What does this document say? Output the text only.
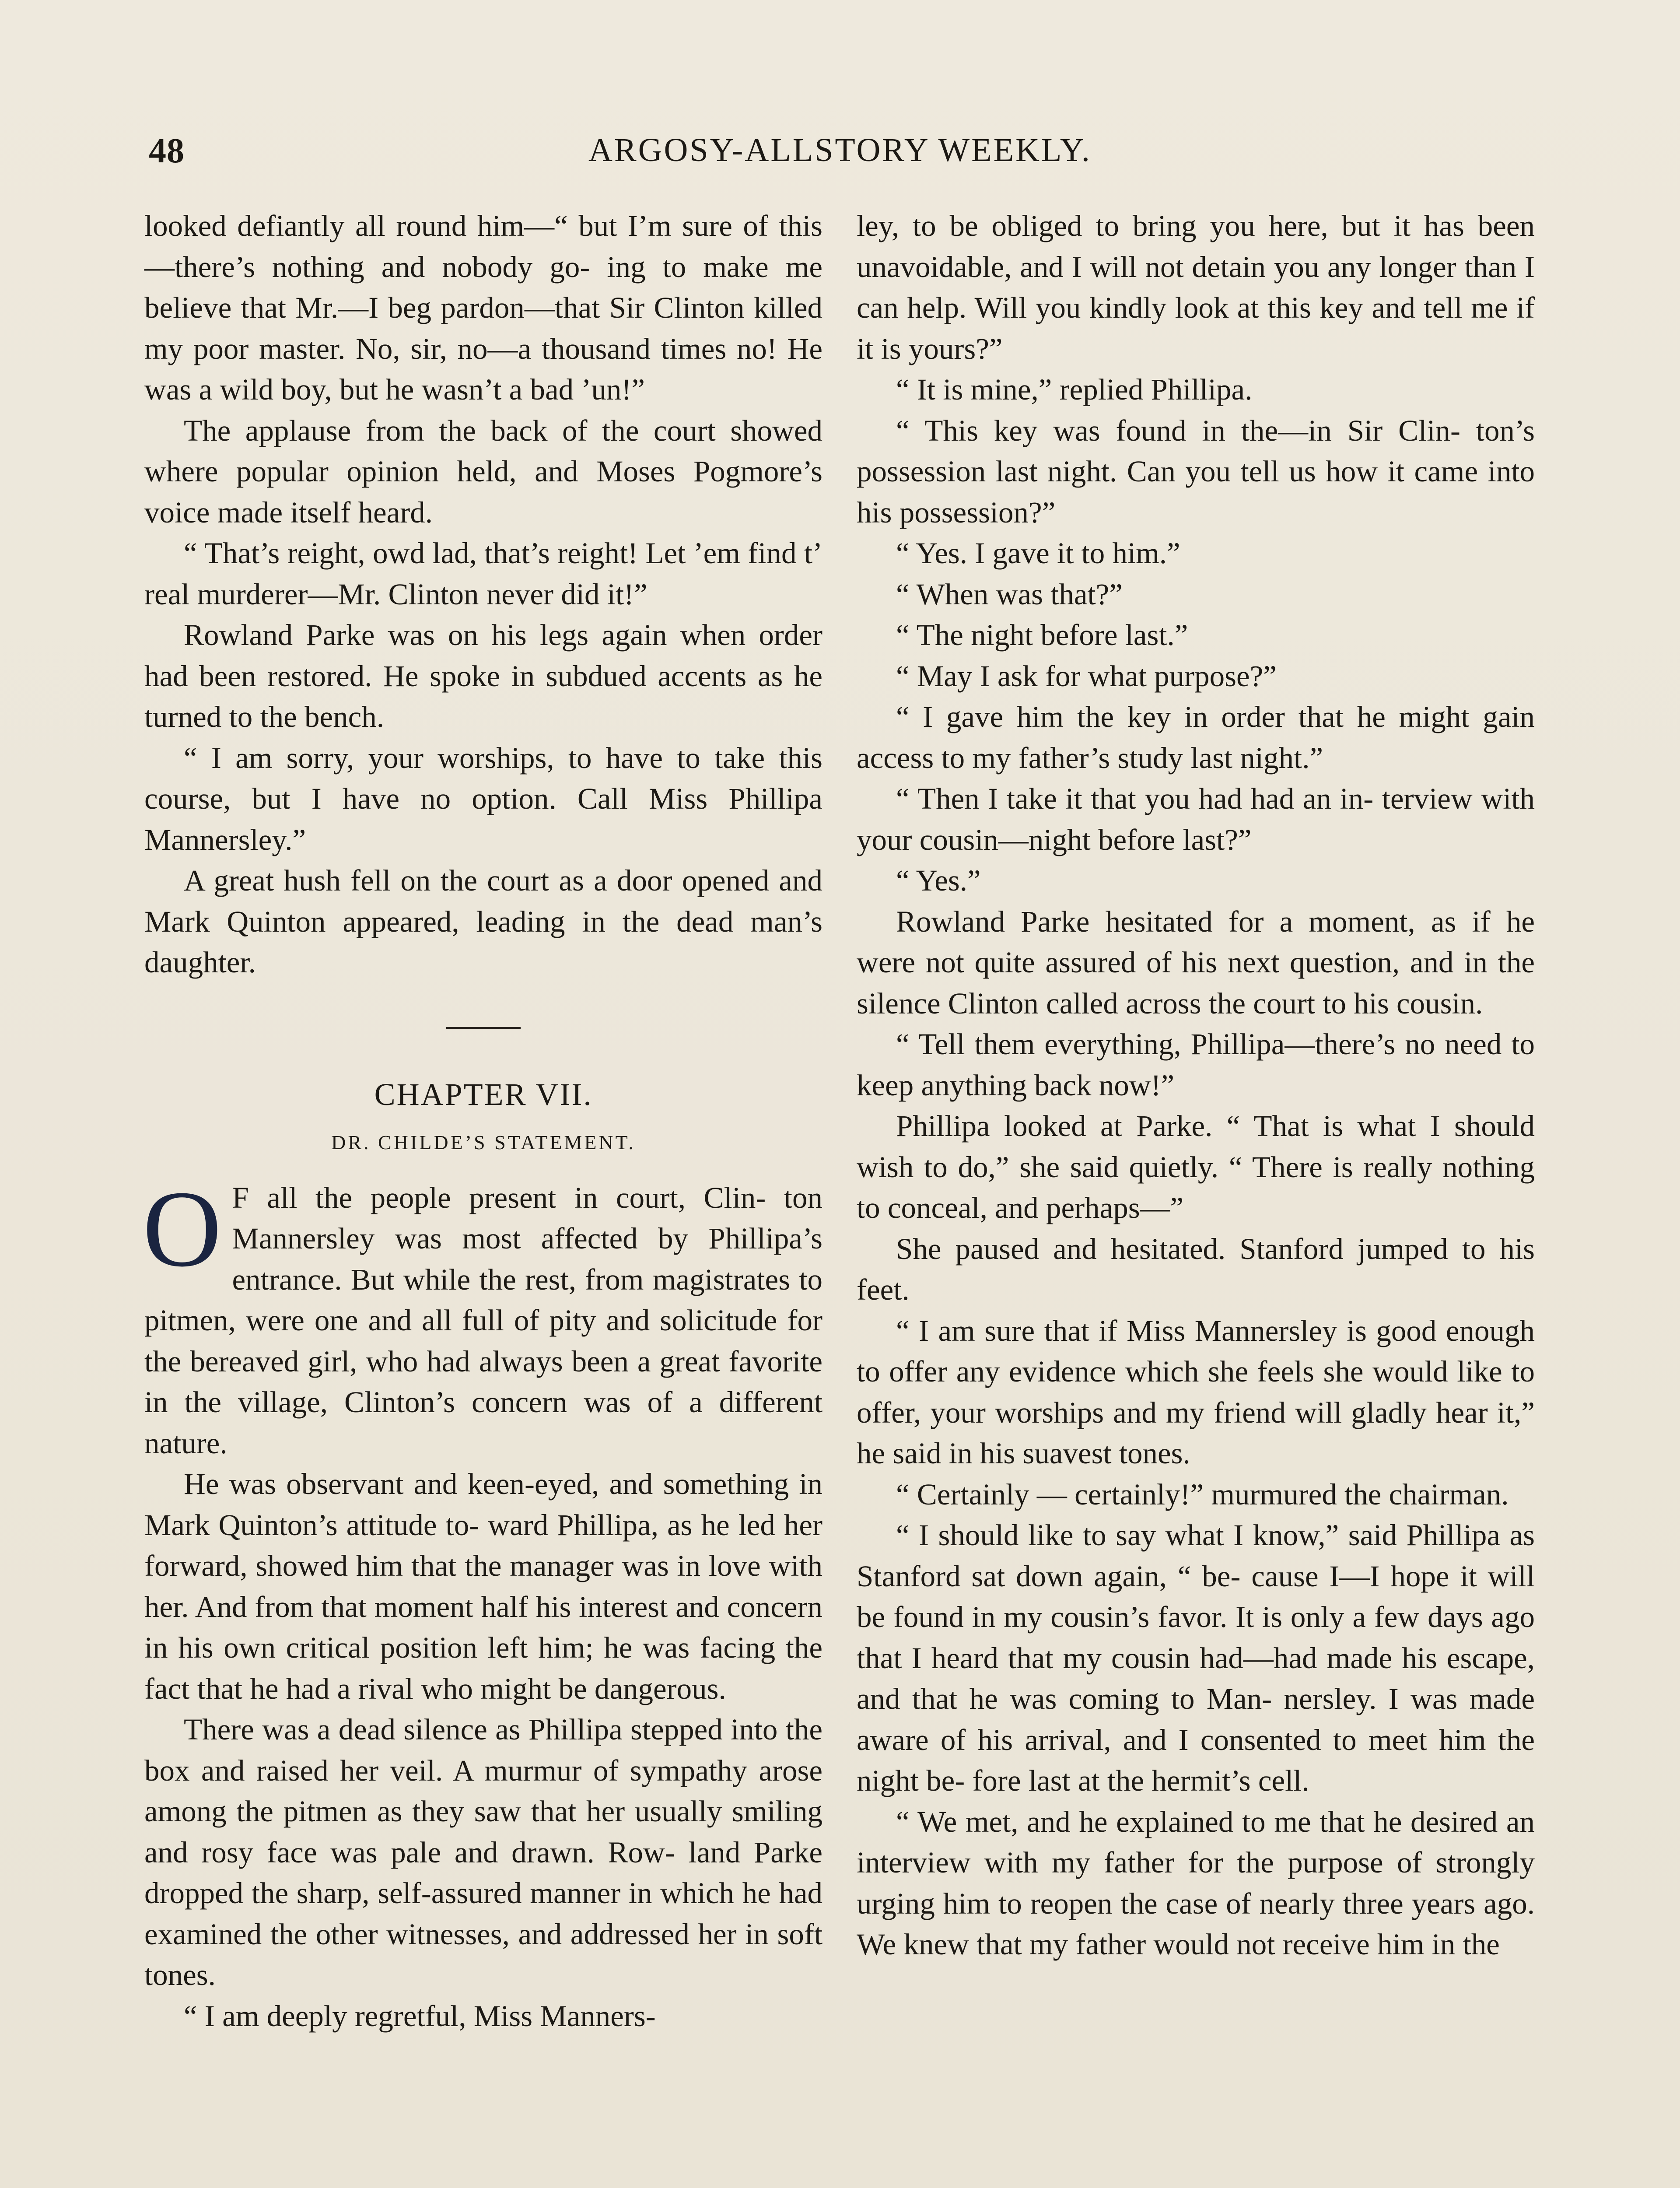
48	ARGOSY-ALLSTORY WEEKLY.

looked defiantly all round him—“ but I’m sure of this—there’s nothing and nobody go- ing to make me believe that Mr.—I beg pardon—that Sir Clinton killed my poor master. No, sir, no—a thousand times no! He was a wild boy, but he wasn’t a bad ’un!”

The applause from the back of the court showed where popular opinion held, and Moses Pogmore’s voice made itself heard.

“ That’s reight, owd lad, that’s reight! Let ’em find t’ real murderer—Mr. Clinton never did it!”

Rowland Parke was on his legs again when order had been restored. He spoke in subdued accents as he turned to the bench.

“ I am sorry, your worships, to have to take this course, but I have no option. Call Miss Phillipa Mannersley.”

A great hush fell on the court as a door opened and Mark Quinton appeared, leading in the dead man’s daughter.

CHAPTER VII.
DR. CHILDE’S STATEMENT.

O F all the people present in court, Clin- ton Mannersley was most affected by Phillipa’s entrance. But while the rest, from magistrates to pitmen, were one and all full of pity and solicitude for the bereaved girl, who had always been a great favorite in the village, Clinton’s concern was of a different nature.

He was observant and keen-eyed, and something in Mark Quinton’s attitude to- ward Phillipa, as he led her forward, showed him that the manager was in love with her. And from that moment half his interest and concern in his own critical position left him; he was facing the fact that he had a rival who might be dangerous.

There was a dead silence as Phillipa stepped into the box and raised her veil. A murmur of sympathy arose among the pitmen as they saw that her usually smiling and rosy face was pale and drawn. Row- land Parke dropped the sharp, self-assured manner in which he had examined the other witnesses, and addressed her in soft tones.

“ I am deeply regretful, Miss Manners-

ley, to be obliged to bring you here, but it has been unavoidable, and I will not detain you any longer than I can help. Will you kindly look at this key and tell me if it is yours?”

“ It is mine,” replied Phillipa.

“ This key was found in the—in Sir Clin- ton’s possession last night. Can you tell us how it came into his possession?”

“ Yes. I gave it to him.”

“ When was that?”

“ The night before last.”

“ May I ask for what purpose?”

“ I gave him the key in order that he might gain access to my father’s study last night.”

“ Then I take it that you had had an in- terview with your cousin—night before last?”

“ Yes.”

Rowland Parke hesitated for a moment, as if he were not quite assured of his next question, and in the silence Clinton called across the court to his cousin.

“ Tell them everything, Phillipa—there’s no need to keep anything back now!”

Phillipa looked at Parke. “ That is what I should wish to do,” she said quietly. “ There is really nothing to conceal, and perhaps—”

She paused and hesitated. Stanford jumped to his feet.

“ I am sure that if Miss Mannersley is good enough to offer any evidence which she feels she would like to offer, your worships and my friend will gladly hear it,” he said in his suavest tones.

“ Certainly — certainly!” murmured the chairman.

“ I should like to say what I know,” said Phillipa as Stanford sat down again, “ be- cause I—I hope it will be found in my cousin’s favor. It is only a few days ago that I heard that my cousin had—had made his escape, and that he was coming to Man- nersley. I was made aware of his arrival, and I consented to meet him the night be- fore last at the hermit’s cell.

“ We met, and he explained to me that he desired an interview with my father for the purpose of strongly urging him to reopen the case of nearly three years ago. We knew that my father would not receive him in the
